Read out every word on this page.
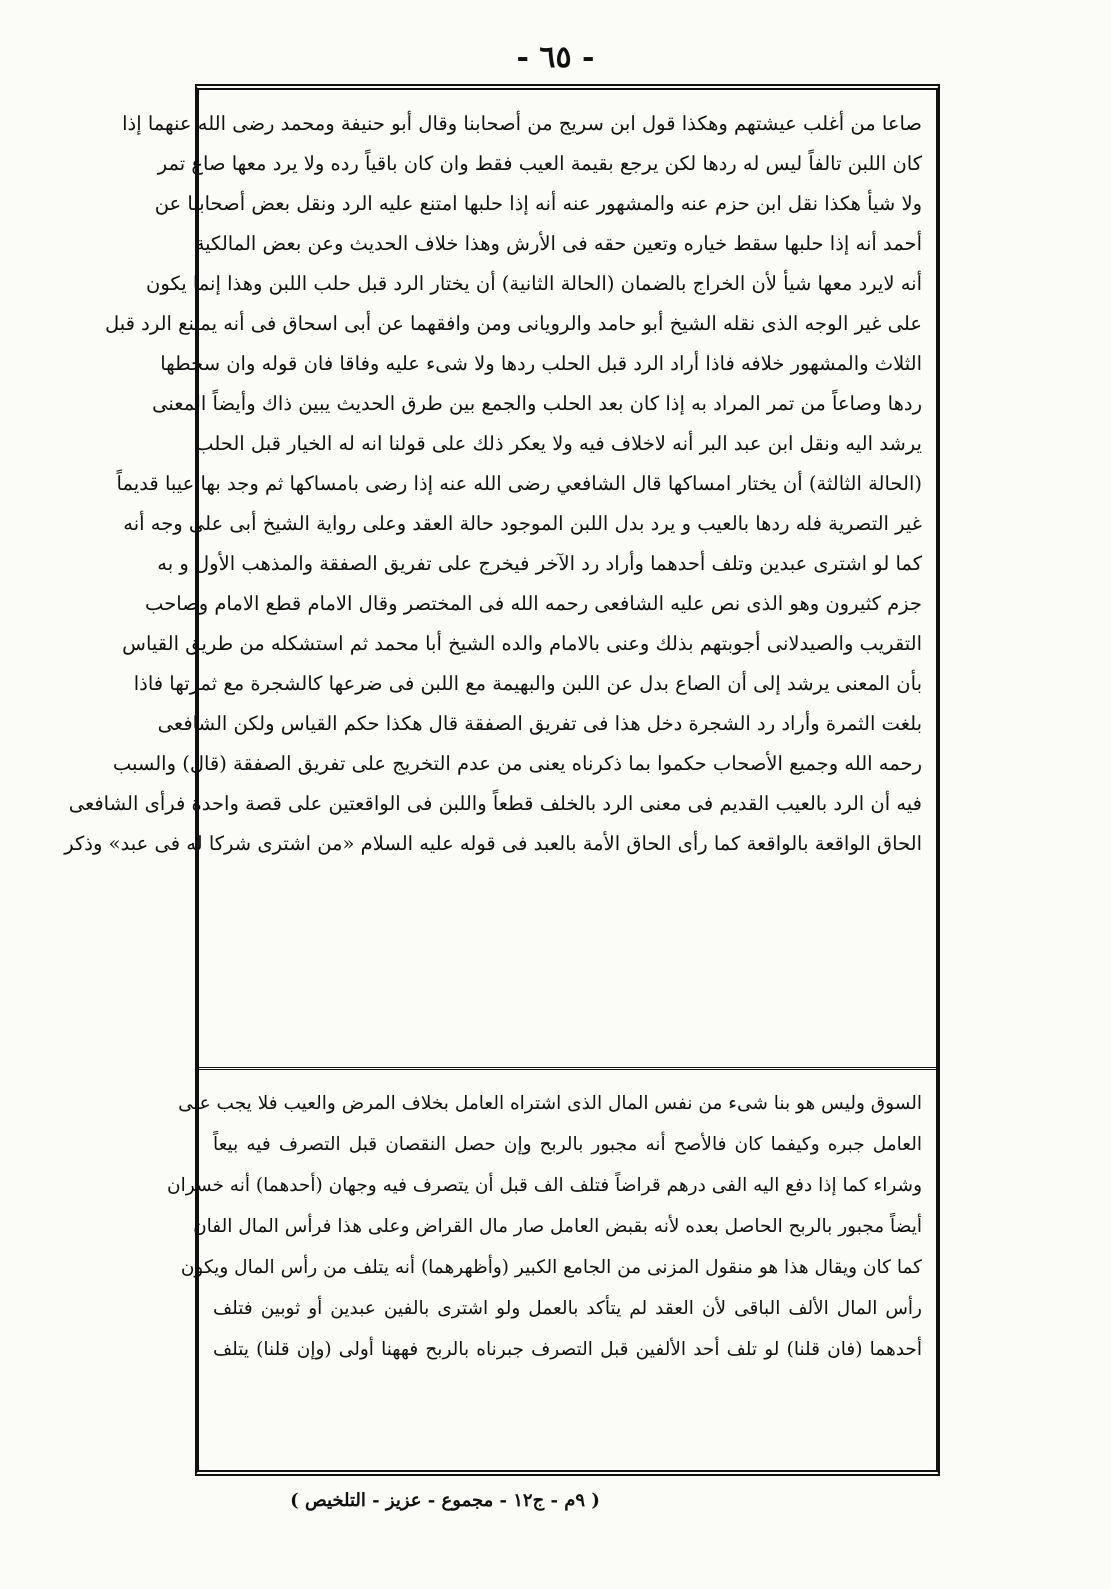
- ٦٥ -
صاعا من أغلب عيشتهم وهكذا قول ابن سريج من أصحابنا وقال أبو حنيفة ومحمد رضى الله عنهما إذا
كان اللبن تالفاً ليس له ردها لكن يرجع بقيمة العيب فقط وان كان باقياً رده ولا يرد معها صاع تمر
ولا شيأ هكذا نقل ابن حزم عنه والمشهور عنه أنه إذا حلبها امتنع عليه الرد ونقل بعض أصحابنا عن
أحمد أنه إذا حلبها سقط خياره وتعين حقه فى الأرش وهذا خلاف الحديث وعن بعض المالكية
أنه لايرد معها شيأ لأن الخراج بالضمان (الحالة الثانية) أن يختار الرد قبل حلب اللبن وهذا إنما يكون
على غير الوجه الذى نقله الشيخ أبو حامد والرويانى ومن وافقهما عن أبى اسحاق فى أنه يمتنع الرد قبل
الثلاث والمشهور خلافه فاذا أراد الرد قبل الحلب ردها ولا شىء عليه وفاقا فان قوله وان سخطها
ردها وصاعاً من تمر المراد به إذا كان بعد الحلب والجمع بين طرق الحديث يبين ذاك وأيضاً المعنى
يرشد اليه ونقل ابن عبد البر أنه لاخلاف فيه ولا يعكر ذلك على قولنا انه له الخيار قبل الحلب
(الحالة الثالثة) أن يختار امساكها قال الشافعي رضى الله عنه إذا رضى بامساكها ثم وجد بها عيبا قديماً
غير التصرية فله ردها بالعيب و يرد بدل اللبن الموجود حالة العقد وعلى رواية الشيخ أبى على وجه أنه
كما لو اشترى عبدين وتلف أحدهما وأراد رد الآخر فيخرج على تفريق الصفقة والمذهب الأول و به
جزم كثيرون وهو الذى نص عليه الشافعى رحمه الله فى المختصر وقال الامام قطع الامام وصاحب
التقريب والصيدلانى أجوبتهم بذلك وعنى بالامام والده الشيخ أبا محمد ثم استشكله من طريق القياس
بأن المعنى يرشد إلى أن الصاع بدل عن اللبن والبهيمة مع اللبن فى ضرعها كالشجرة مع ثمرتها فاذا
بلغت الثمرة وأراد رد الشجرة دخل هذا فى تفريق الصفقة قال هكذا حكم القياس ولكن الشافعى
رحمه الله وجميع الأصحاب حكموا بما ذكرناه يعنى من عدم التخريج على تفريق الصفقة (قال) والسبب
فيه أن الرد بالعيب القديم فى معنى الرد بالخلف قطعاً واللبن فى الواقعتين على قصة واحدة فرأى الشافعى
الحاق الواقعة بالواقعة كما رأى الحاق الأمة بالعبد فى قوله عليه السلام «من اشترى شركا له فى عبد» وذكر
السوق وليس هو بنا شىء من نفس المال الذى اشتراه العامل بخلاف المرض والعيب فلا يجب على
العامل جبره وكيفما كان فالأصح أنه مجبور بالربح وإن حصل النقصان قبل التصرف فيه بيعاً
وشراء كما إذا دفع اليه الفى درهم قراضاً فتلف الف قبل أن يتصرف فيه وجهان (أحدهما) أنه خسران
أيضاً مجبور بالربح الحاصل بعده لأنه بقبض العامل صار مال القراض وعلى هذا فرأس المال الفان
كما كان ويقال هذا هو منقول المزنى من الجامع الكبير (وأظهرهما) أنه يتلف من رأس المال ويكون
رأس المال الألف الباقى لأن العقد لم يتأكد بالعمل ولو اشترى بالفين عبدين أو ثوبين فتلف
أحدهما (فان قلنا) لو تلف أحد الألفين قبل التصرف جبرناه بالربح فههنا أولى (وإن قلنا) يتلف
( ٩م - ج١٢ - مجموع - عزيز - التلخيص )
